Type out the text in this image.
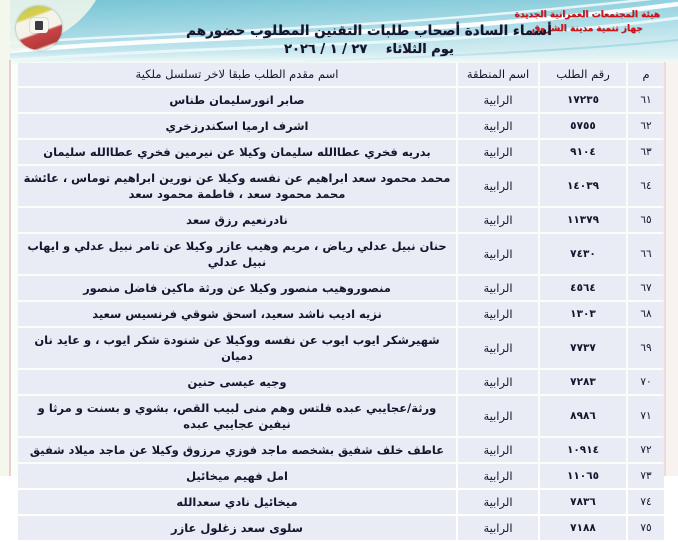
هيئة المجتمعات العمرانية الجديدة
جهاز تنمية مدينة الشروق
أسماء السادة أصحاب طلبات التقنين المطلوب حضورهم
يوم الثلاثاء ٢٧ / ١ / ٢٠٢٦
م	رقم الطلب	اسم المنطقة	اسم مقدم الطلب طبقا لاخر تسلسل ملكية
٦١	١٧٢٣٥	الرابية	صابر انورسليمان طناس
٦٢	٥٧٥٥	الرابية	اشرف ارميا اسكندرزخري
٦٣	٩١٠٤	الرابية	بدريه فخري عطاالله سليمان وكيلا عن نيرمين فخري عطاالله سليمان
٦٤	١٤٠٣٩	الرابية	محمد محمود سعد ابراهيم عن نفسه وكيلا عن نورين ابراهيم توماس ، عائشة محمد محمود سعد ، فاطمة محمود سعد
٦٥	١١٣٧٩	الرابية	نادرنعيم رزق سعد
٦٦	٧٤٣٠	الرابية	حنان نبيل عدلي رياض ، مريم وهيب عازر وكيلا عن تامر نبيل عدلي و ايهاب نبيل عدلي
٦٧	٤٥٦٤	الرابية	منصوروهيب منصور وكيلا عن ورثة ماكين فاضل منصور
٦٨	١٣٠٣	الرابية	نزيه اديب ناشد سعيد، اسحق شوقي فرنسيس سعيد
٦٩	٧٧٣٧	الرابية	شهيرشكر ايوب ايوب عن نفسه ووكيلا عن شنودة شكر ايوب ، و عايد نان دميان
٧٠	٧٢٨٣	الرابية	وجيه عيسى حنين
٧١	٨٩٨٦	الرابية	ورثة/عجايبي عبده فلتس وهم منى لبيب القص، بشوي و بسنت و مرثا و نيفين عجايبي عبده
٧٢	١٠٩١٤	الرابية	عاطف خلف شفيق بشخصه ماجد فوزي مرزوق وكيلا عن ماجد ميلاد شفيق
٧٣	١١٠٦٥	الرابية	امل فهيم ميخائيل
٧٤	٧٨٣٦	الرابية	ميخائيل نادي سعدالله
٧٥	٧١٨٨	الرابية	سلوى سعد زغلول عازر
